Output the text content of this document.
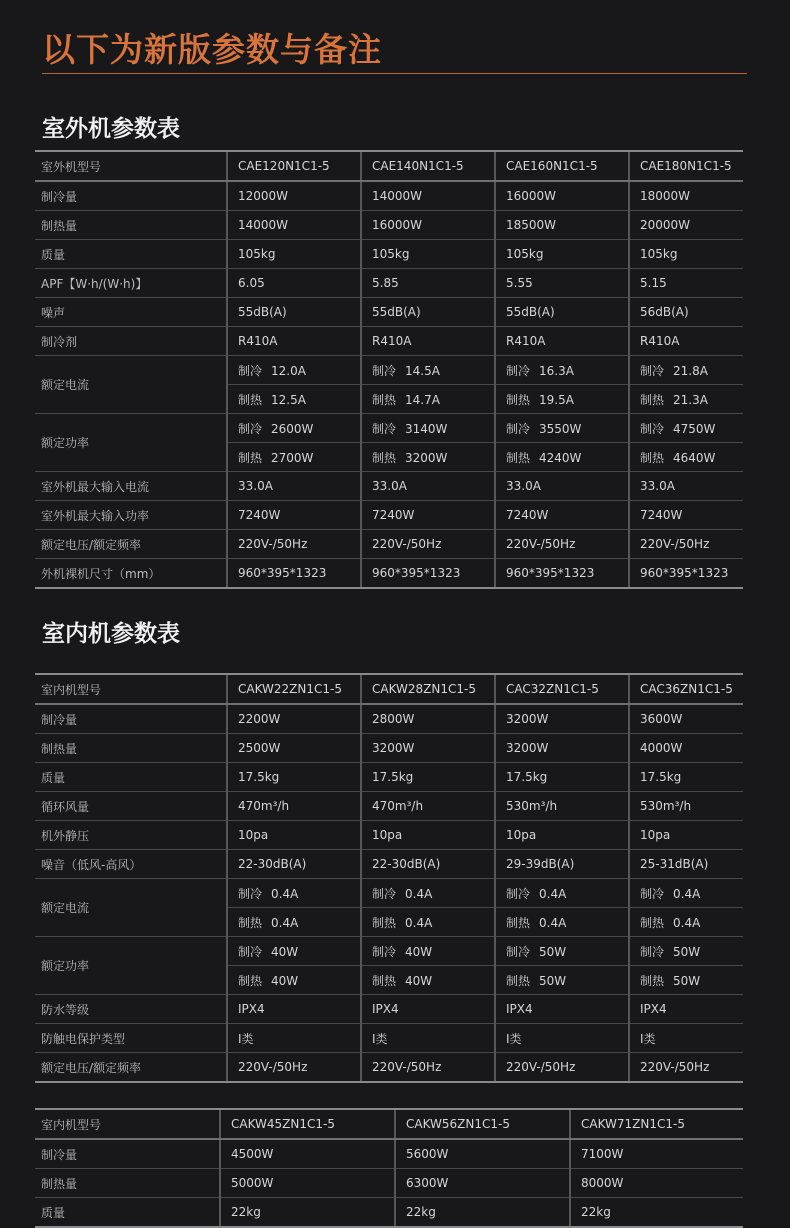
以下为新版参数与备注
室外机参数表
室外机型号	CAE120N1C1-5	CAE140N1C1-5	CAE160N1C1-5	CAE180N1C1-5
制冷量	12000W	14000W	16000W	18000W
制热量	14000W	16000W	18500W	20000W
质量	105kg	105kg	105kg	105kg
APF【W·h/(W·h)】	6.05	5.85	5.55	5.15
噪声	55dB(A)	55dB(A)	55dB(A)	56dB(A)
制冷剂	R410A	R410A	R410A	R410A
额定电流	制冷 12.0A	制冷 14.5A	制冷 16.3A	制冷 21.8A
	制热 12.5A	制热 14.7A	制热 19.5A	制热 21.3A
额定功率	制冷 2600W	制冷 3140W	制冷 3550W	制冷 4750W
	制热 2700W	制热 3200W	制热 4240W	制热 4640W
室外机最大输入电流	33.0A	33.0A	33.0A	33.0A
室外机最大输入功率	7240W	7240W	7240W	7240W
额定电压/额定频率	220V-/50Hz	220V-/50Hz	220V-/50Hz	220V-/50Hz
外机裸机尺寸（mm）	960*395*1323	960*395*1323	960*395*1323	960*395*1323
室内机参数表
室内机型号	CAKW22ZN1C1-5	CAKW28ZN1C1-5	CAC32ZN1C1-5	CAC36ZN1C1-5
制冷量	2200W	2800W	3200W	3600W
制热量	2500W	3200W	3200W	4000W
质量	17.5kg	17.5kg	17.5kg	17.5kg
循环风量	470m³/h	470m³/h	530m³/h	530m³/h
机外静压	10pa	10pa	10pa	10pa
噪音（低风-高风）	22-30dB(A)	22-30dB(A)	29-39dB(A)	25-31dB(A)
额定电流	制冷 0.4A	制冷 0.4A	制冷 0.4A	制冷 0.4A
	制热 0.4A	制热 0.4A	制热 0.4A	制热 0.4A
额定功率	制冷 40W	制冷 40W	制冷 50W	制冷 50W
	制热 40W	制热 40W	制热 50W	制热 50W
防水等级	IPX4	IPX4	IPX4	IPX4
防触电保护类型	I类	I类	I类	I类
额定电压/额定频率	220V-/50Hz	220V-/50Hz	220V-/50Hz	220V-/50Hz
室内机型号	CAKW45ZN1C1-5	CAKW56ZN1C1-5	CAKW71ZN1C1-5
制冷量	4500W	5600W	7100W
制热量	5000W	6300W	8000W
质量	22kg	22kg	22kg
